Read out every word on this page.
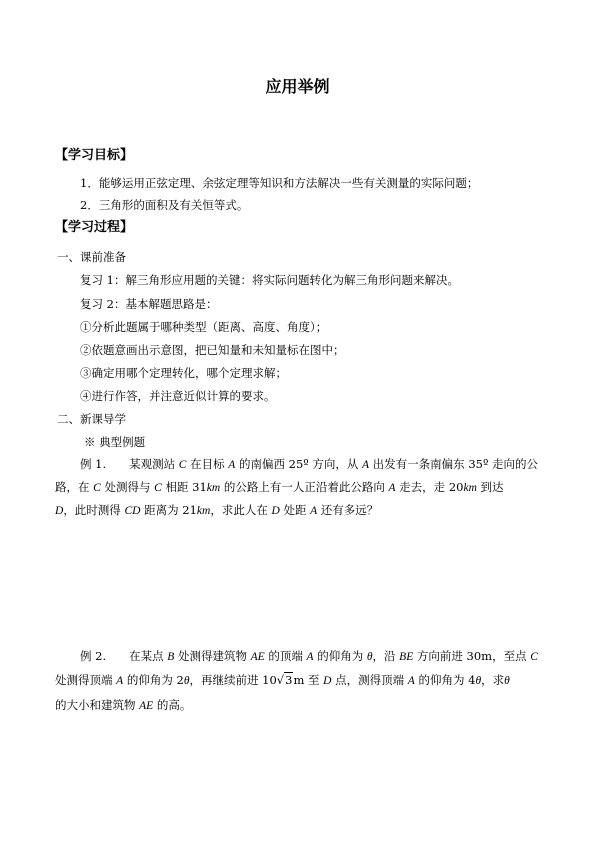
应用举例
【学习目标】
1．能够运用正弦定理、余弦定理等知识和方法解决一些有关测量的实际问题；
2．三角形的面积及有关恒等式。
【学习过程】
一、课前准备
复习 1：解三角形应用题的关键：将实际问题转化为解三角形问题来解决。
复习 2：基本解题思路是：
①分析此题属于哪种类型（距离、高度、角度）；
②依题意画出示意图，把已知量和未知量标在图中；
③确定用哪个定理转化，哪个定理求解；
④进行作答，并注意近似计算的要求。
二、新课导学
※ 典型例题
例 1.　　某观测站 C 在目标 A 的南偏西 25º 方向，从 A 出发有一条南偏东 35º 走向的公
路，在 C 处测得与 C 相距 31km 的公路上有一人正沿着此公路向 A 走去，走 20km 到达
D，此时测得 CD 距离为 21km，求此人在 D 处距 A 还有多远？
例 2.　　在某点 B 处测得建筑物 AE 的顶端 A 的仰角为 θ，沿 BE 方向前进 30m，至点 C
处测得顶端 A 的仰角为 2θ，再继续前进 10√3m 至 D 点，测得顶端 A 的仰角为 4θ，求θ
的大小和建筑物 AE 的高。
